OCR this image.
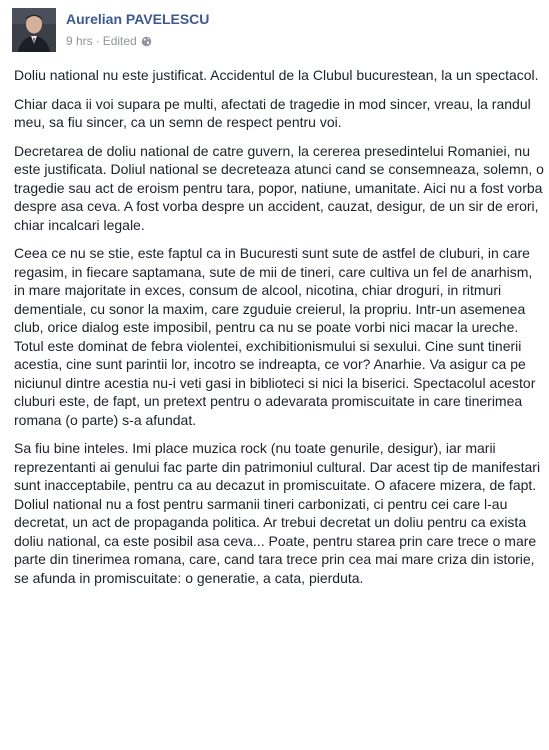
Aurelian PAVELESCU
9 hrs · Edited

Doliu national nu este justificat. Accidentul de la Clubul bucurestean, la un spectacol.

Chiar daca ii voi supara pe multi, afectati de tragedie in mod sincer, vreau, la randul meu, sa fiu sincer, ca un semn de respect pentru voi.

Decretarea de doliu national de catre guvern, la cererea presedintelui Romaniei, nu este justificata. Doliul national se decreteaza atunci cand se consemneaza, solemn, o tragedie sau act de eroism pentru tara, popor, natiune, umanitate. Aici nu a fost vorba despre asa ceva. A fost vorba despre un accident, cauzat, desigur, de un sir de erori, chiar incalcari legale.

Ceea ce nu se stie, este faptul ca in Bucuresti sunt sute de astfel de cluburi, in care regasim, in fiecare saptamana, sute de mii de tineri, care cultiva un fel de anarhism, in mare majoritate in exces, consum de alcool, nicotina, chiar droguri, in ritmuri dementiale, cu sonor la maxim, care zguduie creierul, la propriu. Intr-un asemenea club, orice dialog este imposibil, pentru ca nu se poate vorbi nici macar la ureche. Totul este dominat de febra violentei, exchibitionismului si sexului. Cine sunt tinerii acestia, cine sunt parintii lor, incotro se indreapta, ce vor? Anarhie. Va asigur ca pe niciunul dintre acestia nu-i veti gasi in biblioteci si nici la biserici. Spectacolul acestor cluburi este, de fapt, un pretext pentru o adevarata promiscuitate in care tinerimea romana (o parte) s-a afundat.

Sa fiu bine inteles. Imi place muzica rock (nu toate genurile, desigur), iar marii reprezentanti ai genului fac parte din patrimoniul cultural. Dar acest tip de manifestari sunt inacceptabile, pentru ca au decazut in promiscuitate. O afacere mizera, de fapt. Doliul national nu a fost pentru sarmanii tineri carbonizati, ci pentru cei care l-au decretat, un act de propaganda politica. Ar trebui decretat un doliu pentru ca exista doliu national, ca este posibil asa ceva... Poate, pentru starea prin care trece o mare parte din tinerimea romana, care, cand tara trece prin cea mai mare criza din istorie, se afunda in promiscuitate: o generatie, a cata, pierduta.
